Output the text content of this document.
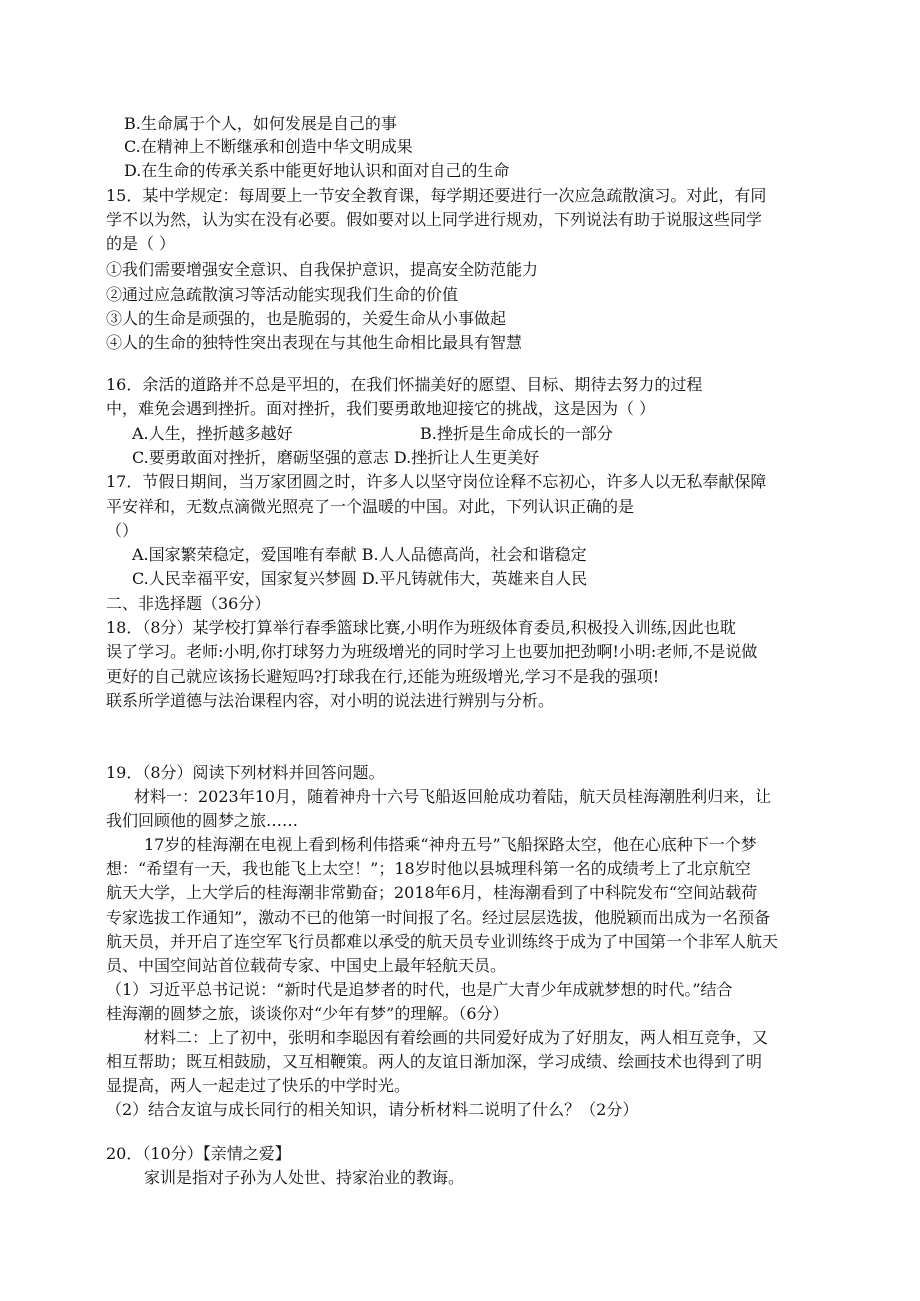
B.生命属于个人，如何发展是自己的事
C.在精神上不断继承和创造中华文明成果
D.在生命的传承关系中能更好地认识和面对自己的生命
15．某中学规定：每周要上一节安全教育课，每学期还要进行一次应急疏散演习。对此，有同
学不以为然，认为实在没有必要。假如要对以上同学进行规劝，下列说法有助于说服这些同学
的是（ ）
①我们需要增强安全意识、自我保护意识，提高安全防范能力
②通过应急疏散演习等活动能实现我们生命的价值
③人的生命是顽强的，也是脆弱的，关爱生命从小事做起
④人的生命的独特性突出表现在与其他生命相比最具有智慧
16．余活的道路并不总是平坦的，在我们怀揣美好的愿望、目标、期待去努力的过程
中，难免会遇到挫折。面对挫折，我们要勇敢地迎接它的挑战，这是因为（ ）
A.人生，挫折越多越好	B.挫折是生命成长的一部分
C.要勇敢面对挫折，磨砺坚强的意志 D.挫折让人生更美好
17．节假日期间，当万家团圆之时，许多人以坚守岗位诠释不忘初心，许多人以无私奉献保障
平安祥和，无数点滴微光照亮了一个温暖的中国。对此，下列认识正确的是
（）
A.国家繁荣稳定，爱国唯有奉献 B.人人品德高尚，社会和谐稳定
C.人民幸福平安，国家复兴梦圆 D.平凡铸就伟大，英雄来自人民
二、非选择题（36分）
18．（8分）某学校打算举行春季篮球比赛,小明作为班级体育委员,积极投入训练,因此也耽
误了学习。老师:小明,你打球努力为班级增光的同时学习上也要加把劲啊!小明:老师,不是说做
更好的自己就应该扬长避短吗?打球我在行,还能为班级增光,学习不是我的强项!
联系所学道德与法治课程内容，对小明的说法进行辨别与分析。
19．（8分）阅读下列材料并回答问题。
材料一：2023年10月，随着神舟十六号飞船返回舱成功着陆，航天员桂海潮胜利归来，让
我们回顾他的圆梦之旅……
17岁的桂海潮在电视上看到杨利伟搭乘“神舟五号”飞船探路太空，他在心底种下一个梦
想：“希望有一天，我也能飞上太空！”；18岁时他以县城理科第一名的成绩考上了北京航空
航天大学，上大学后的桂海潮非常勤奋；2018年6月，桂海潮看到了中科院发布“空间站载荷
专家选拔工作通知”，激动不已的他第一时间报了名。经过层层选拔，他脱颖而出成为一名预备
航天员，并开启了连空军飞行员都难以承受的航天员专业训练终于成为了中国第一个非军人航天
员、中国空间站首位载荷专家、中国史上最年轻航天员。
（1）习近平总书记说：“新时代是追梦者的时代，也是广大青少年成就梦想的时代。”结合
桂海潮的圆梦之旅，谈谈你对“少年有梦”的理解。（6分）
材料二：上了初中，张明和李聪因有着绘画的共同爱好成为了好朋友，两人相互竞争，又
相互帮助；既互相鼓励，又互相鞭策。两人的友谊日渐加深，学习成绩、绘画技术也得到了明
显提高，两人一起走过了快乐的中学时光。
（2）结合友谊与成长同行的相关知识，请分析材料二说明了什么？（2分）
20．（10分）【亲情之爱】
家训是指对子孙为人处世、持家治业的教诲。
